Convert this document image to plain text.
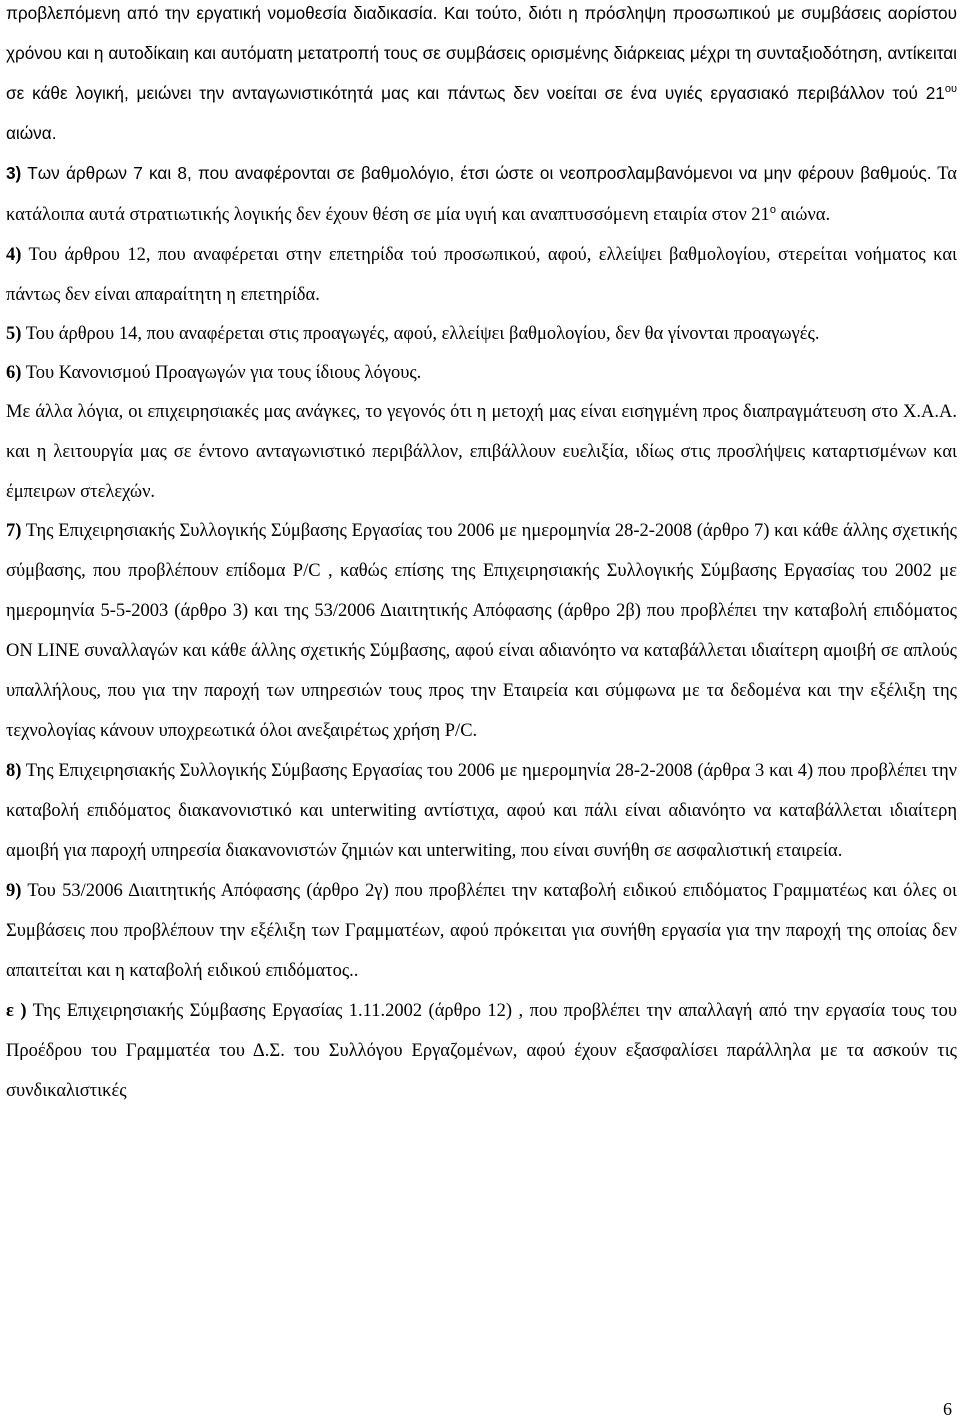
προβλεπόμενη από την εργατική νομοθεσία διαδικασία. Και τούτο, διότι η πρόσληψη προσωπικού με συμβάσεις αορίστου χρόνου και η αυτοδίκαιη και αυτόματη μετατροπή τους σε συμβάσεις ορισμένης διάρκειας μέχρι τη συνταξιοδότηση, αντίκειται σε κάθε λογική, μειώνει την ανταγωνιστικότητά μας και πάντως δεν νοείται σε ένα υγιές εργασιακό περιβάλλον τού $21^{o\upsilon}$ αιώνα.

3) Των άρθρων 7 και 8, που αναφέρονται σε βαθμολόγιο, έτσι ώστε οι νεοπροσλαμβανόμενοι να μην φέρουν βαθμούς. Τα κατάλοιπα αυτά στρατιωτικής λογικής δεν έχουν θέση σε μία υγιή και αναπτυσσόμενη εταιρία στον $21^o$ αιώνα.

4) Του άρθρου 12, που αναφέρεται στην επετηρίδα τού προσωπικού, αφού, ελλείψει βαθμολογίου, στερείται νοήματος και πάντως δεν είναι απαραίτητη η επετηρίδα.

5) Του άρθρου 14, που αναφέρεται στις προαγωγές, αφού, ελλείψει βαθμολογίου, δεν θα γίνονται προαγωγές.

6) Του Κανονισμού Προαγωγών για τους ίδιους λόγους.

Με άλλα λόγια, οι επιχειρησιακές μας ανάγκες, το γεγονός ότι η μετοχή μας είναι εισηγμένη προς διαπραγμάτευση στο Χ.Α.Α. και η λειτουργία μας σε έντονο ανταγωνιστικό περιβάλλον, επιβάλλουν ευελιξία, ιδίως στις προσλήψεις καταρτισμένων και έμπειρων στελεχών.

7) Της Επιχειρησιακής Συλλογικής Σύμβασης Εργασίας του 2006 με ημερομηνία 28-2-2008 (άρθρο 7) και κάθε άλλης σχετικής σύμβασης, που προβλέπουν επίδομα P/C , καθώς επίσης της Επιχειρησιακής Συλλογικής Σύμβασης Εργασίας του 2002 με ημερομηνία 5-5-2003 (άρθρο 3) και της 53/2006 Διαιτητικής Απόφασης (άρθρο 2β) που προβλέπει την καταβολή επιδόματος ON LINE συναλλαγών και κάθε άλλης σχετικής Σύμβασης, αφού είναι αδιανόητο να καταβάλλεται ιδιαίτερη αμοιβή σε απλούς υπαλλήλους, που για την παροχή των υπηρεσιών τους προς την Εταιρεία και σύμφωνα με τα δεδομένα και την εξέλιξη της τεχνολογίας κάνουν υποχρεωτικά όλοι ανεξαιρέτως χρήση P/C.

8) Της Επιχειρησιακής Συλλογικής Σύμβασης Εργασίας του 2006 με ημερομηνία 28-2-2008 (άρθρα 3 και 4) που προβλέπει την καταβολή επιδόματος διακανονιστικό και unterwiting αντίστιχα, αφού και πάλι είναι αδιανόητο να καταβάλλεται ιδιαίτερη αμοιβή για παροχή υπηρεσία διακανονιστών ζημιών και unterwiting, που είναι συνήθη σε ασφαλιστική εταιρεία.

9) Του 53/2006 Διαιτητικής Απόφασης (άρθρο 2γ) που προβλέπει την καταβολή ειδικού επιδόματος Γραμματέως και όλες οι Συμβάσεις που προβλέπουν την εξέλιξη των Γραμματέων, αφού πρόκειται για συνήθη εργασία για την παροχή της οποίας δεν απαιτείται και η καταβολή ειδικού επιδόματος..

ε ) Της Επιχειρησιακής Σύμβασης Εργασίας 1.11.2002 (άρθρο 12) , που προβλέπει την απαλλαγή από την εργασία τους του Προέδρου του Γραμματέα του Δ.Σ. του Συλλόγου Εργαζομένων, αφού έχουν εξασφαλίσει παράλληλα με τα ασκούν τις συνδικαλιστικές

6
